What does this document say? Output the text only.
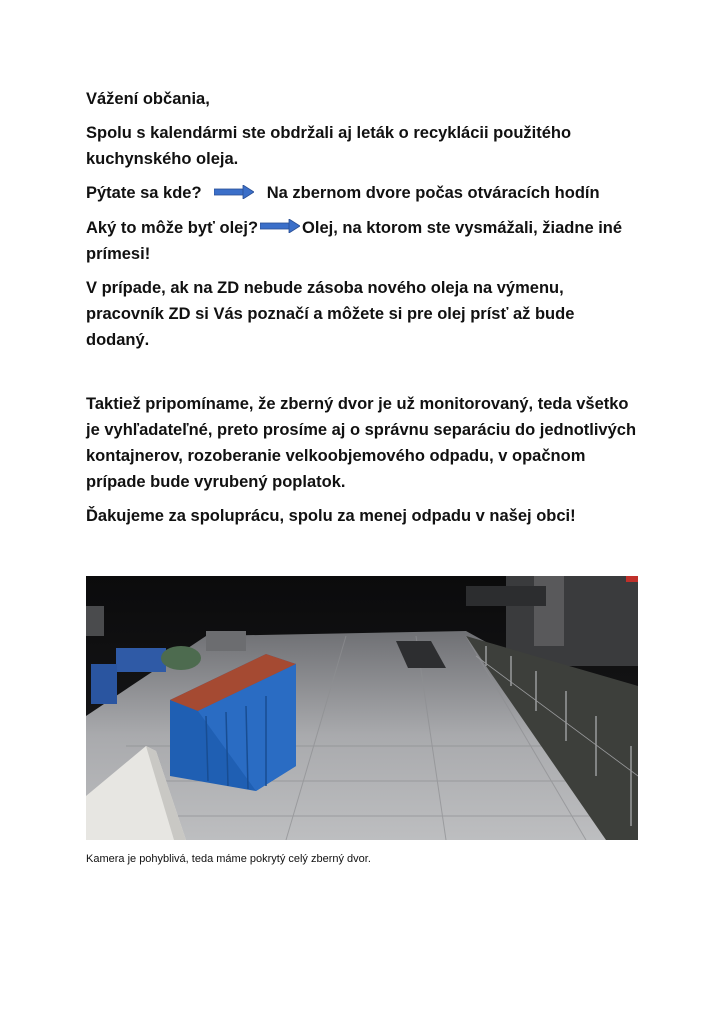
Vážení občania,

Spolu s kalendármi ste obdržali aj leták o recyklácii použitého kuchynského oleja.

Pýtate sa kde?	Na zbernom dvore počas otváracích hodín

Aký to môže byť olej?	Olej, na ktorom ste vysmážali, žiadne iné prímesi!

V prípade, ak na ZD nebude zásoba nového oleja na výmenu, pracovník ZD si Vás poznačí a môžete si pre olej prísť až bude dodaný.

Taktiež pripomíname, že zberný dvor je už monitorovaný, teda všetko je vyhľadateľné, preto prosíme aj o správnu separáciu do jednotlivých kontajnerov, rozoberanie velkoobjemového odpadu, v opačnom prípade bude vyrubený poplatok.

Ďakujeme za spoluprácu, spolu za menej odpadu v našej obci!

Kamera je pohyblivá, teda máme pokrytý celý zberný dvor.
